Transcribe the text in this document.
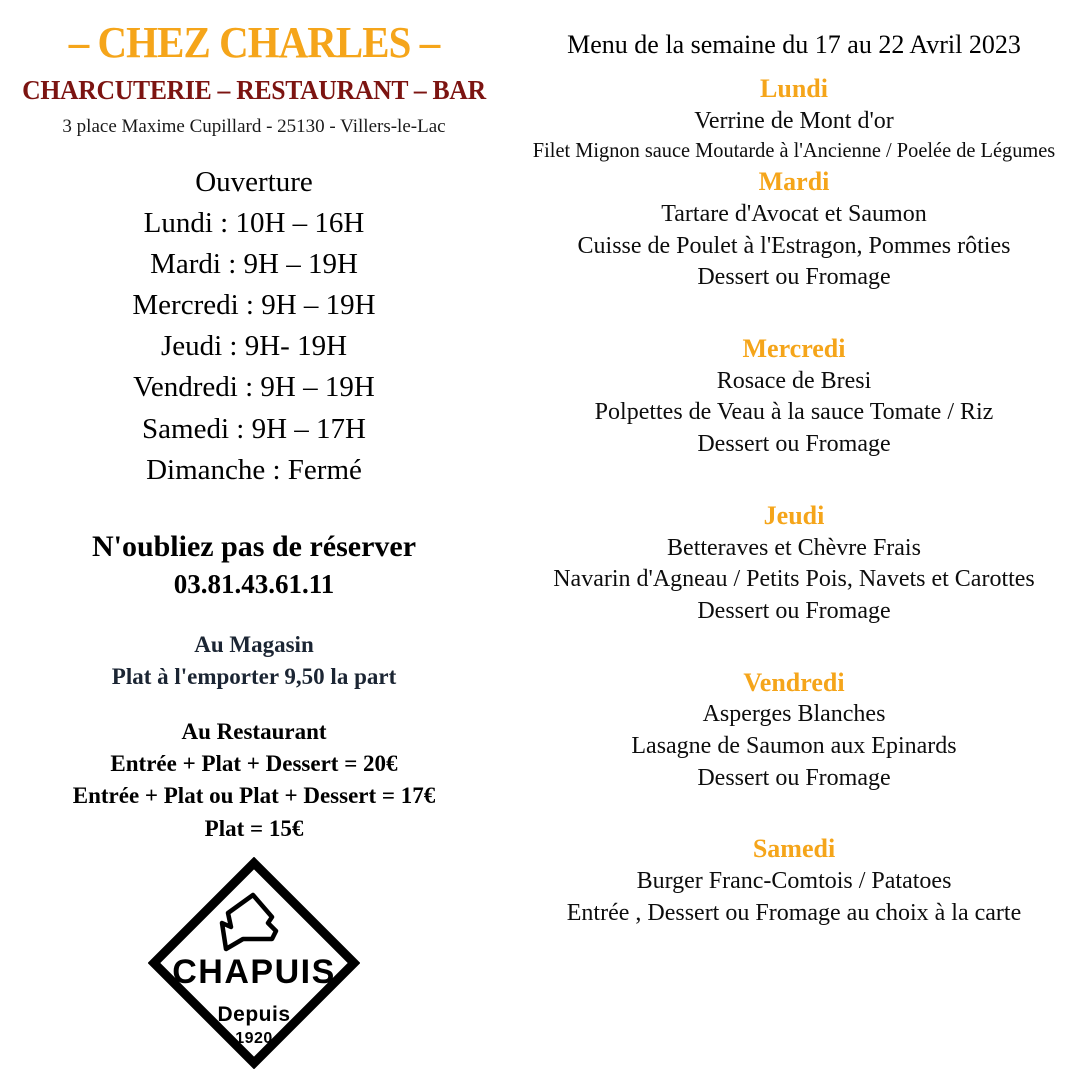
– CHEZ CHARLES –
CHARCUTERIE – RESTAURANT – BAR
3 place Maxime Cupillard - 25130 - Villers-le-Lac
Ouverture
Lundi : 10H – 16H
Mardi : 9H – 19H
Mercredi : 9H – 19H
Jeudi : 9H- 19H
Vendredi : 9H – 19H
Samedi : 9H – 17H
Dimanche : Fermé
N'oubliez pas de réserver
03.81.43.61.11
Au Magasin
Plat à l'emporter 9,50 la part
Au Restaurant
Entrée + Plat + Dessert = 20€
Entrée + Plat ou Plat + Dessert = 17€
Plat = 15€
CHAPUIS
Depuis
1920
Menu de la semaine du 17 au 22 Avril 2023
Lundi
Verrine de Mont d'or
Filet Mignon sauce Moutarde à l'Ancienne / Poelée de Légumes
Mardi
Tartare d'Avocat et Saumon
Cuisse de Poulet à l'Estragon, Pommes rôties
Dessert ou Fromage
Mercredi
Rosace de Bresi
Polpettes de Veau à la sauce Tomate / Riz
Dessert ou Fromage
Jeudi
Betteraves et Chèvre Frais
Navarin d'Agneau / Petits Pois, Navets et Carottes
Dessert ou Fromage
Vendredi
Asperges Blanches
Lasagne de Saumon aux Epinards
Dessert ou Fromage
Samedi
Burger Franc-Comtois / Patatoes
Entrée , Dessert ou Fromage au choix à la carte
